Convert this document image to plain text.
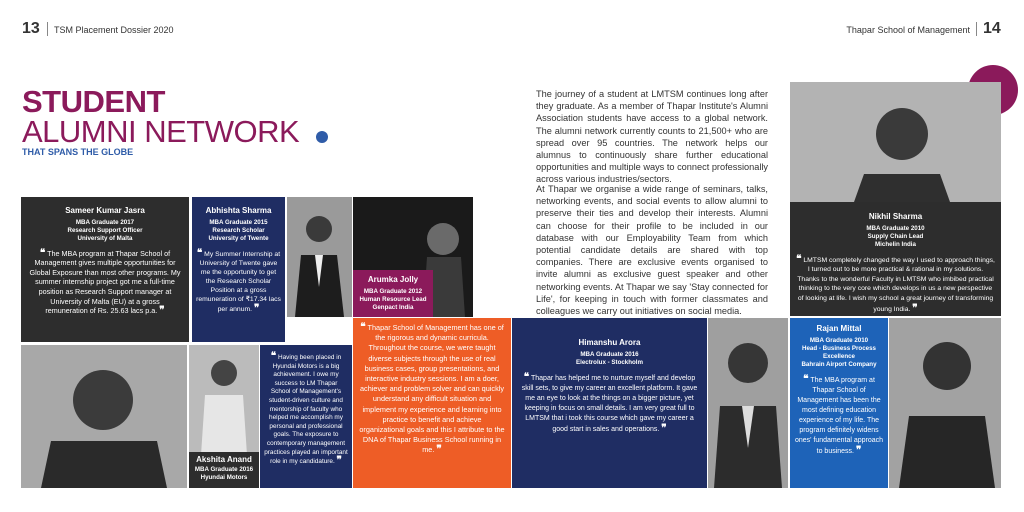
13 TSM Placement Dossier 2020	Thapar School of Management 14
STUDENT
ALUMNI NETWORK
THAT SPANS THE GLOBE
The journey of a student at LMTSM continues long after they graduate. As a member of Thapar Institute's Alumni Association students have access to a global network. The alumni network currently counts to 21,500+ who are spread over 95 countries. The network helps our alumnus to continuously share further educational opportunities and multiple ways to connect professionally across various industries/sectors.
At Thapar we organise a wide range of seminars, talks, networking events, and social events to allow alumni to preserve their ties and develop their interests. Alumni can choose for their profile to be included in our database with our Employability Team from which potential candidate details are shared with top companies. There are exclusive events organised to invite alumni as exclusive guest speaker and other networking events. At Thapar we say 'Stay connected for Life', for keeping in touch with former classmates and colleagues we carry out initiatives on social media.
Sameer Kumar Jasra
MBA Graduate 2017
Research Support Officer
University of Malta
❝ The MBA program at Thapar School of Management gives multiple opportunities for Global Exposure than most other programs. My summer internship project got me a full-time position as Research Support manager at University of Malta (EU) at a gross remuneration of Rs. 25.63 lacs p.a. ❞
Abhishta Sharma
MBA Graduate 2015
Research Scholar
University of Twente
❝ My Summer Internship at University of Twente gave me the opportunity to get the Research Scholar Position at a gross remuneration of ₹17.34 lacs per annum. ❞
Arumka Jolly
MBA Graduate 2012
Human Resource Lead
Genpact India
Akshita Anand
MBA Graduate 2016
Hyundai Motors
❝ Having been placed in Hyundai Motors is a big achievement. I owe my success to LM Thapar School of Management's student-driven culture and mentorship of faculty who helped me accomplish my personal and professional goals. The exposure to contemporary management practices played an important role in my candidature. ❞
❝ Thapar School of Management has one of the rigorous and dynamic curricula. Throughout the course, we were taught diverse subjects through the use of real business cases, group presentations, and interactive industry sessions. I am a doer, achiever and problem solver and can quickly understand any difficult situation and implement my experience and learning into practice to benefit and achieve organizational goals and this I attribute to the DNA of Thapar Business School running in me. ❞
Himanshu Arora
MBA Graduate 2016
Electrolux - Stockholm
❝ Thapar has helped me to nurture myself and develop skill sets, to give my career an excellent platform. It gave me an eye to look at the things on a bigger picture, yet keeping in focus on small details. I am very great full to LMTSM that i took this course which gave my career a good start in sales and operations. ❞
Rajan Mittal
MBA Graduate 2010
Head - Business Process Excellence
Bahrain Airport Company
❝ The MBA program at Thapar School of Management has been the most defining education experience of my life. The program definitely widens ones' fundamental approach to business. ❞
Nikhil Sharma
MBA Graduate 2010
Supply Chain Lead
Michelin India
❝ LMTSM completely changed the way I used to approach things, I turned out to be more practical & rational in my solutions. Thanks to the wonderful Faculty in LMTSM who imbibed practical thinking to the very core which develops in us a new perspective of looking at life. I wish my school a great journey of transforming young India. ❞
